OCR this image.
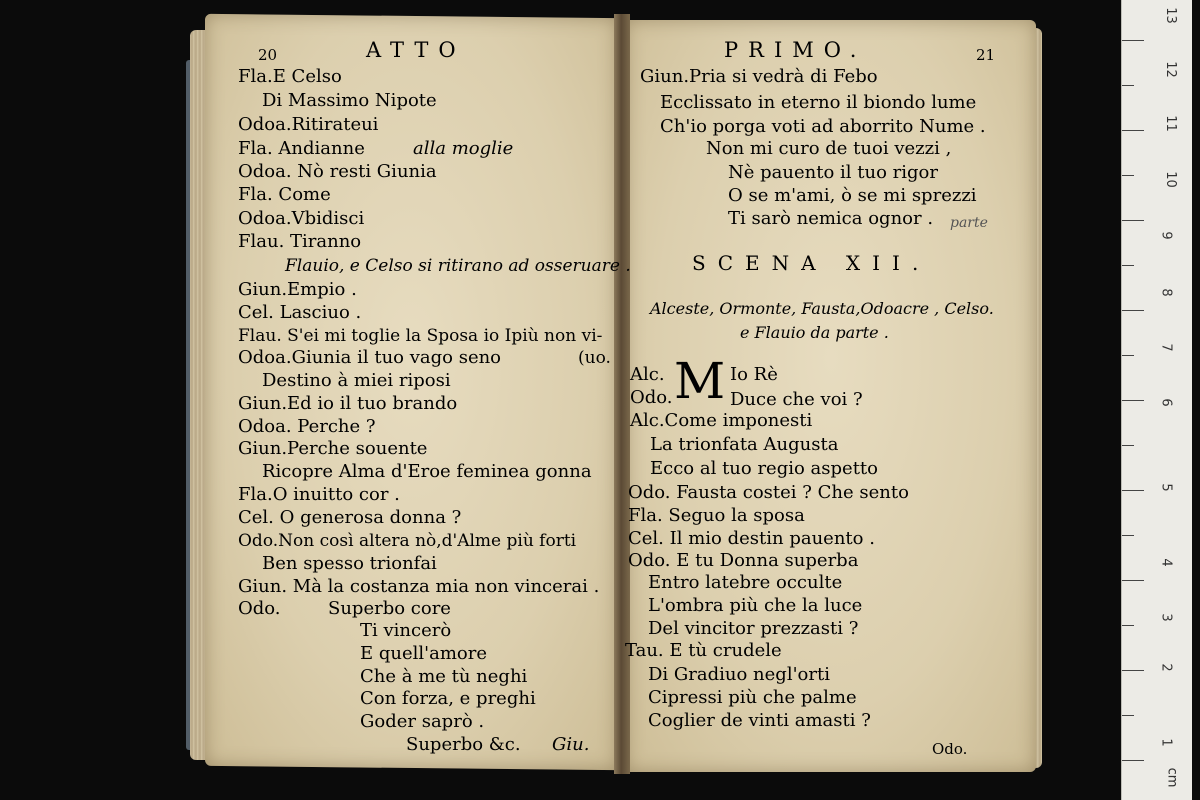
20	ATTO	PRIMO.	21
Fla.E Celso
Di Massimo Nipote
Odoa.Ritirateui
Fla. Andianne	alla moglie
Odoa. Nò resti Giunia
Fla. Come
Odoa.Vbidisci
Flau. Tiranno
Flauio, e Celso si ritirano ad osseruare .
Giun.Empio .
Cel. Lasciuo .
Flau. S'ei mi toglie la Sposa io Ipiù non vi-
Odoa.Giunia il tuo vago seno	(uo.
Destino à miei riposi
Giun.Ed io il tuo brando
Odoa. Perche ?
Giun.Perche souente
Ricopre Alma d'Eroe feminea gonna
Fla.O inuitto cor .
Cel. O generosa donna ?
Odo.Non così altera nò,d'Alme più forti
Ben spesso trionfai
Giun. Mà la costanza mia non vincerai .
Odo.	Superbo core
Ti vincerò
E quell'amore
Che à me tù neghi
Con forza, e preghi
Goder saprò .
Superbo &c. Giu.
Giun.Pria si vedrà di Febo
Ecclissato in eterno il biondo lume
Ch'io porga voti ad aborrito Nume .
Non mi curo de tuoi vezzi ,
Nè pauento il tuo rigor
O se m'ami, ò se mi sprezzi
Ti sarò nemica ognor . parte
SCENA XII.
Alceste, Ormonte, Fausta,Odoacre , Celso.
e Flauio da parte .
Alc. M Io Rè
Odo.	Duce che voi ?
Alc.Come imponesti
La trionfata Augusta
Ecco al tuo regio aspetto
Odo. Fausta costei ? Che sento
Fla. Seguo la sposa
Cel. Il mio destin pauento .
Odo. E tu Donna superba
Entro latebre occulte
L'ombra più che la luce
Del vincitor prezzasti ?
Tau. E tù crudele
Di Gradiuo negl'orti
Cipressi più che palme
Coglier de vinti amasti ?
Odo.
cm
1
2
3
4
5
6
7
8
9
10
11
12
13
